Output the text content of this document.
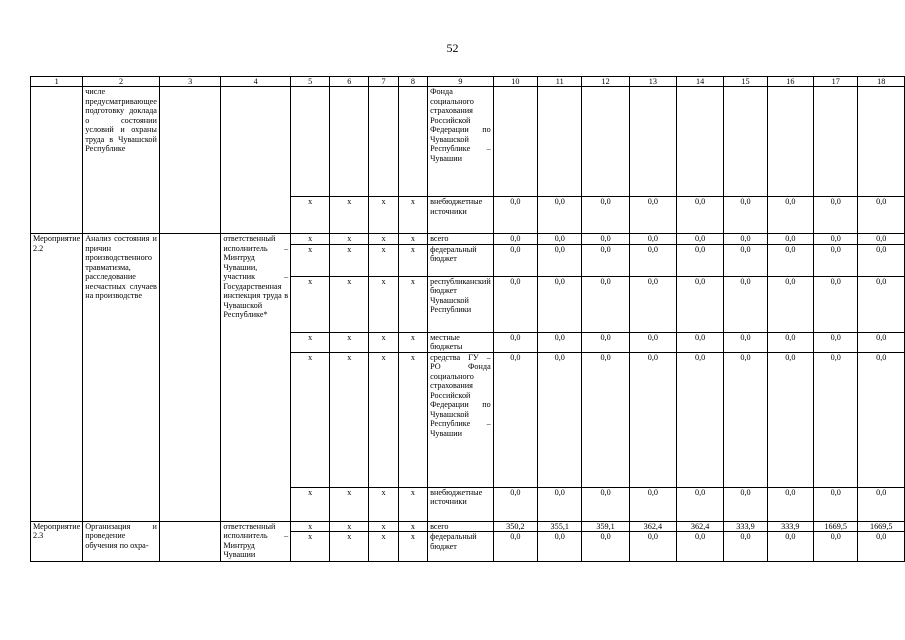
52
1	2	3	4	5	6	7	8	9	10	11	12	13	14	15	16	17	18
	числе предусматривающее подготовку доклада о состоянии условий и охраны труда в Чувашской Республике							Фонда социального страхования Российской Федерации по Чувашской Республике – Чувашии									
				х	х	х	х	внебюджетные источники	0,0	0,0	0,0	0,0	0,0	0,0	0,0	0,0	0,0
Мероприятие 2.2	Анализ состояния и причин производственного травматизма, расследование несчастных случаев на производстве		ответственный исполнитель – Минтруд Чувашии, участник – Государственная инспекция труда в Чувашской Республике*	х	х	х	х	всего	0,0	0,0	0,0	0,0	0,0	0,0	0,0	0,0	0,0
				х	х	х	х	федеральный бюджет	0,0	0,0	0,0	0,0	0,0	0,0	0,0	0,0	0,0
				х	х	х	х	республиканский бюджет Чувашской Республики	0,0	0,0	0,0	0,0	0,0	0,0	0,0	0,0	0,0
				х	х	х	х	местные бюджеты	0,0	0,0	0,0	0,0	0,0	0,0	0,0	0,0	0,0
				х	х	х	х	средства ГУ – РО Фонда социального страхования Российской Федерации по Чувашской Республике – Чувашии	0,0	0,0	0,0	0,0	0,0	0,0	0,0	0,0	0,0
				х	х	х	х	внебюджетные источники	0,0	0,0	0,0	0,0	0,0	0,0	0,0	0,0	0,0
Мероприятие 2.3	Организация и проведение обучения по охра-		ответственный исполнитель – Минтруд Чувашии	х	х	х	х	всего	350,2	355,1	359,1	362,4	362,4	333,9	333,9	1669,5	1669,5
				х	х	х	х	федеральный бюджет	0,0	0,0	0,0	0,0	0,0	0,0	0,0	0,0	0,0
